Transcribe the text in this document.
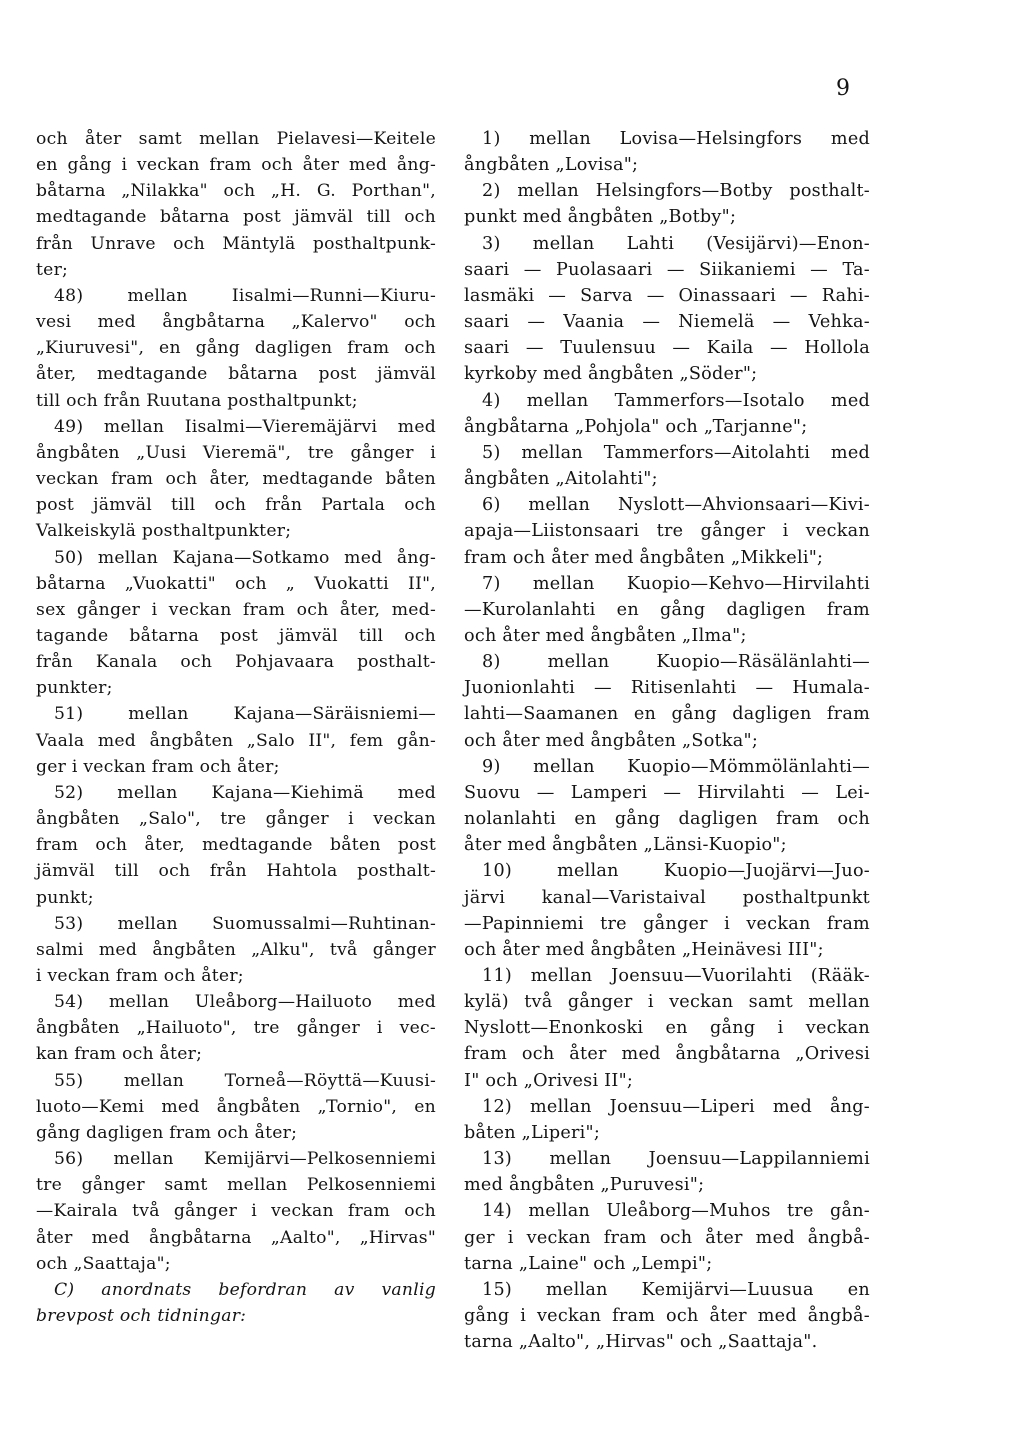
9
och åter samt mellan Pielavesi—Keitele
en gång i veckan fram och åter med ång-
båtarna „Nilakka" och „H. G. Porthan",
medtagande båtarna post jämväl till och
från Unrave och Mäntylä posthaltpunk-
ter;
48) mellan Iisalmi—Runni—Kiuru-
vesi med ångbåtarna „Kalervo" och
„Kiuruvesi", en gång dagligen fram och
åter, medtagande båtarna post jämväl
till och från Ruutana posthaltpunkt;
49) mellan Iisalmi—Vieremäjärvi med
ångbåten „Uusi Vieremä", tre gånger i
veckan fram och åter, medtagande båten
post jämväl till och från Partala och
Valkeiskylä posthaltpunkter;
50) mellan Kajana—Sotkamo med ång-
båtarna „Vuokatti" och „ Vuokatti II",
sex gånger i veckan fram och åter, med-
tagande båtarna post jämväl till och
från Kanala och Pohjavaara posthalt-
punkter;
51) mellan Kajana—Säräisniemi—
Vaala med ångbåten „Salo II", fem gån-
ger i veckan fram och åter;
52) mellan Kajana—Kiehimä med
ångbåten „Salo", tre gånger i veckan
fram och åter, medtagande båten post
jämväl till och från Hahtola posthalt-
punkt;
53) mellan Suomussalmi—Ruhtinan-
salmi med ångbåten „Alku", två gånger
i veckan fram och åter;
54) mellan Uleåborg—Hailuoto med
ångbåten „Hailuoto", tre gånger i vec-
kan fram och åter;
55) mellan Torneå—Röyttä—Kuusi-
luoto—Kemi med ångbåten „Tornio", en
gång dagligen fram och åter;
56) mellan Kemijärvi—Pelkosenniemi
tre gånger samt mellan Pelkosenniemi
—Kairala två gånger i veckan fram och
åter med ångbåtarna „Aalto", „Hirvas"
och „Saattaja";
C) anordnats befordran av vanlig
brevpost och tidningar:
1) mellan Lovisa—Helsingfors med
ångbåten „Lovisa";
2) mellan Helsingfors—Botby posthalt-
punkt med ångbåten „Botby";
3) mellan Lahti (Vesijärvi)—Enon-
saari — Puolasaari — Siikaniemi — Ta-
lasmäki — Sarva — Oinassaari — Rahi-
saari — Vaania — Niemelä — Vehka-
saari — Tuulensuu — Kaila — Hollola
kyrkoby med ångbåten „Söder";
4) mellan Tammerfors—Isotalo med
ångbåtarna „Pohjola" och „Tarjanne";
5) mellan Tammerfors—Aitolahti med
ångbåten „Aitolahti";
6) mellan Nyslott—Ahvionsaari—Kivi-
apaja—Liistonsaari tre gånger i veckan
fram och åter med ångbåten „Mikkeli";
7) mellan Kuopio—Kehvo—Hirvilahti
—Kurolanlahti en gång dagligen fram
och åter med ångbåten „Ilma";
8) mellan Kuopio—Räsälänlahti—
Juonionlahti — Ritisenlahti — Humala-
lahti—Saamanen en gång dagligen fram
och åter med ångbåten „Sotka";
9) mellan Kuopio—Mömmölänlahti—
Suovu — Lamperi — Hirvilahti — Lei-
nolanlahti en gång dagligen fram och
åter med ångbåten „Länsi-Kuopio";
10) mellan Kuopio—Juojärvi—Juo-
järvi kanal—Varistaival posthaltpunkt
—Papinniemi tre gånger i veckan fram
och åter med ångbåten „Heinävesi III";
11) mellan Joensuu—Vuorilahti (Rääk-
kylä) två gånger i veckan samt mellan
Nyslott—Enonkoski en gång i veckan
fram och åter med ångbåtarna „Orivesi
I" och „Orivesi II";
12) mellan Joensuu—Liperi med ång-
båten „Liperi";
13) mellan Joensuu—Lappilanniemi
med ångbåten „Puruvesi";
14) mellan Uleåborg—Muhos tre gån-
ger i veckan fram och åter med ångbå-
tarna „Laine" och „Lempi";
15) mellan Kemijärvi—Luusua en
gång i veckan fram och åter med ångbå-
tarna „Aalto", „Hirvas" och „Saattaja".
